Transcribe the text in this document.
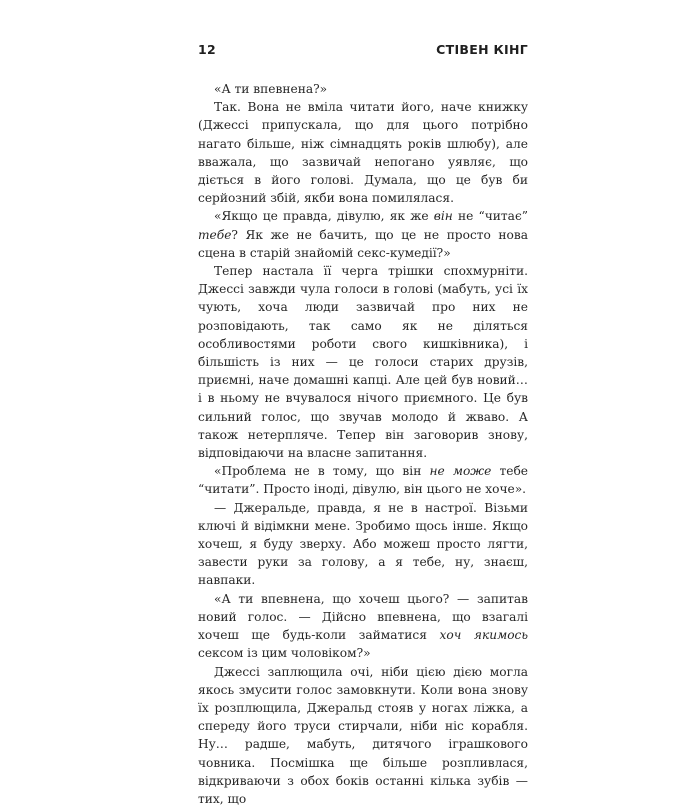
12	СТІВЕН КІНГ

«А ти впевнена?»

Так. Вона не вміла читати його, наче книжку (Джессі припускала, що для цього потрібно нагато більше, ніж сімнадцять років шлюбу), але вважала, що зазвичай непогано уявляє, що діється в його голові. Думала, що це був би серйозний збій, якби вона помилялася.

«Якщо це правда, дівулю, як же він не “читає” тебе? Як же не бачить, що це не просто нова сцена в старій знайомій секс-кумедії?»

Тепер настала її черга трішки спохмурніти. Джессі завжди чула голоси в голові (мабуть, усі їх чують, хоча люди зазвичай про них не розповідають, так само як не діляться особливостями роботи свого кишківника), і більшість із них — це голоси старих друзів, приємні, наче домашні капці. Але цей був новий… і в ньому не вчувалося нічого приємного. Це був сильний голос, що звучав молодо й жваво. А також нетерпляче. Тепер він заговорив знову, відповідаючи на власне запитання.

«Проблема не в тому, що він не може тебе “читати”. Просто іноді, дівулю, він цього не хоче».

— Джеральде, правда, я не в настрої. Візьми ключі й відімкни мене. Зробимо щось інше. Якщо хочеш, я буду зверху. Або можеш просто лягти, завести руки за голову, а я тебе, ну, знаєш, навпаки.

«А ти впевнена, що хочеш цього? — запитав новий голос. — Дійсно впевнена, що взагалі хочеш ще будь-коли займатися хоч якимось сексом із цим чоловіком?»

Джессі заплющила очі, ніби цією дією могла якось змусити голос замовкнути. Коли вона знову їх розплющила, Джеральд стояв у ногах ліжка, а спереду його труси стирчали, ніби ніс корабля. Ну… радше, мабуть, дитячого іграшкового човника. Посмішка ще більше розпливлася, відкриваючи з обох боків останні кілька зубів — тих, що
